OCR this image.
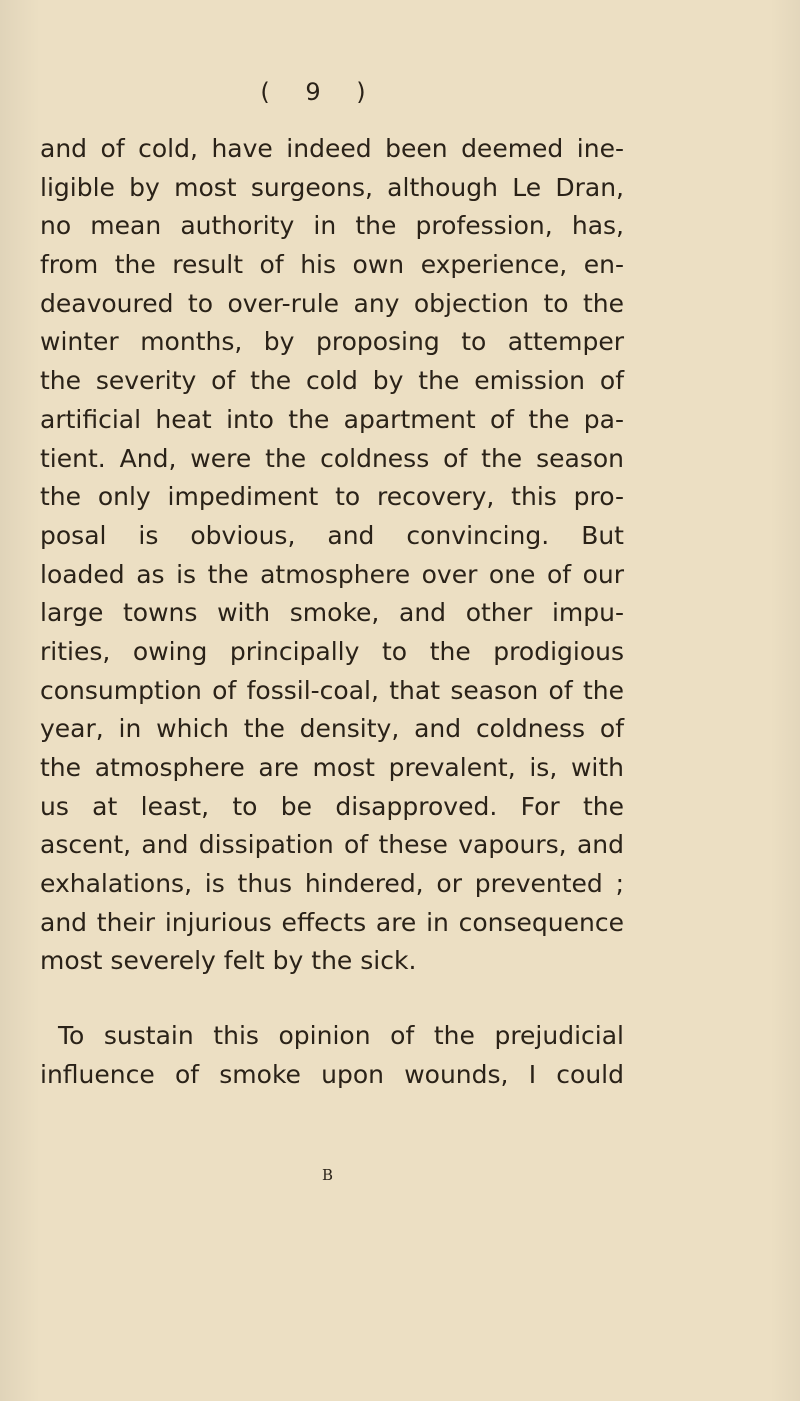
( 9 )
and of cold, have indeed been deemed ine-
ligible by most surgeons, although Le Dran,
no mean authority in the profession, has,
from the result of his own experience, en-
deavoured to over-rule any objection to the
winter months, by proposing to attemper
the severity of the cold by the emission of
artificial heat into the apartment of the pa-
tient. And, were the coldness of the season
the only impediment to recovery, this pro-
posal is obvious, and convincing. But
loaded as is the atmosphere over one of our
large towns with smoke, and other impu-
rities, owing principally to the prodigious
consumption of fossil-coal, that season of the
year, in which the density, and coldness of
the atmosphere are most prevalent, is, with
us at least, to be disapproved. For the
ascent, and dissipation of these vapours, and
exhalations, is thus hindered, or prevented ;
and their injurious effects are in consequence
most severely felt by the sick.
To sustain this opinion of the prejudicial
influence of smoke upon wounds, I could
B
